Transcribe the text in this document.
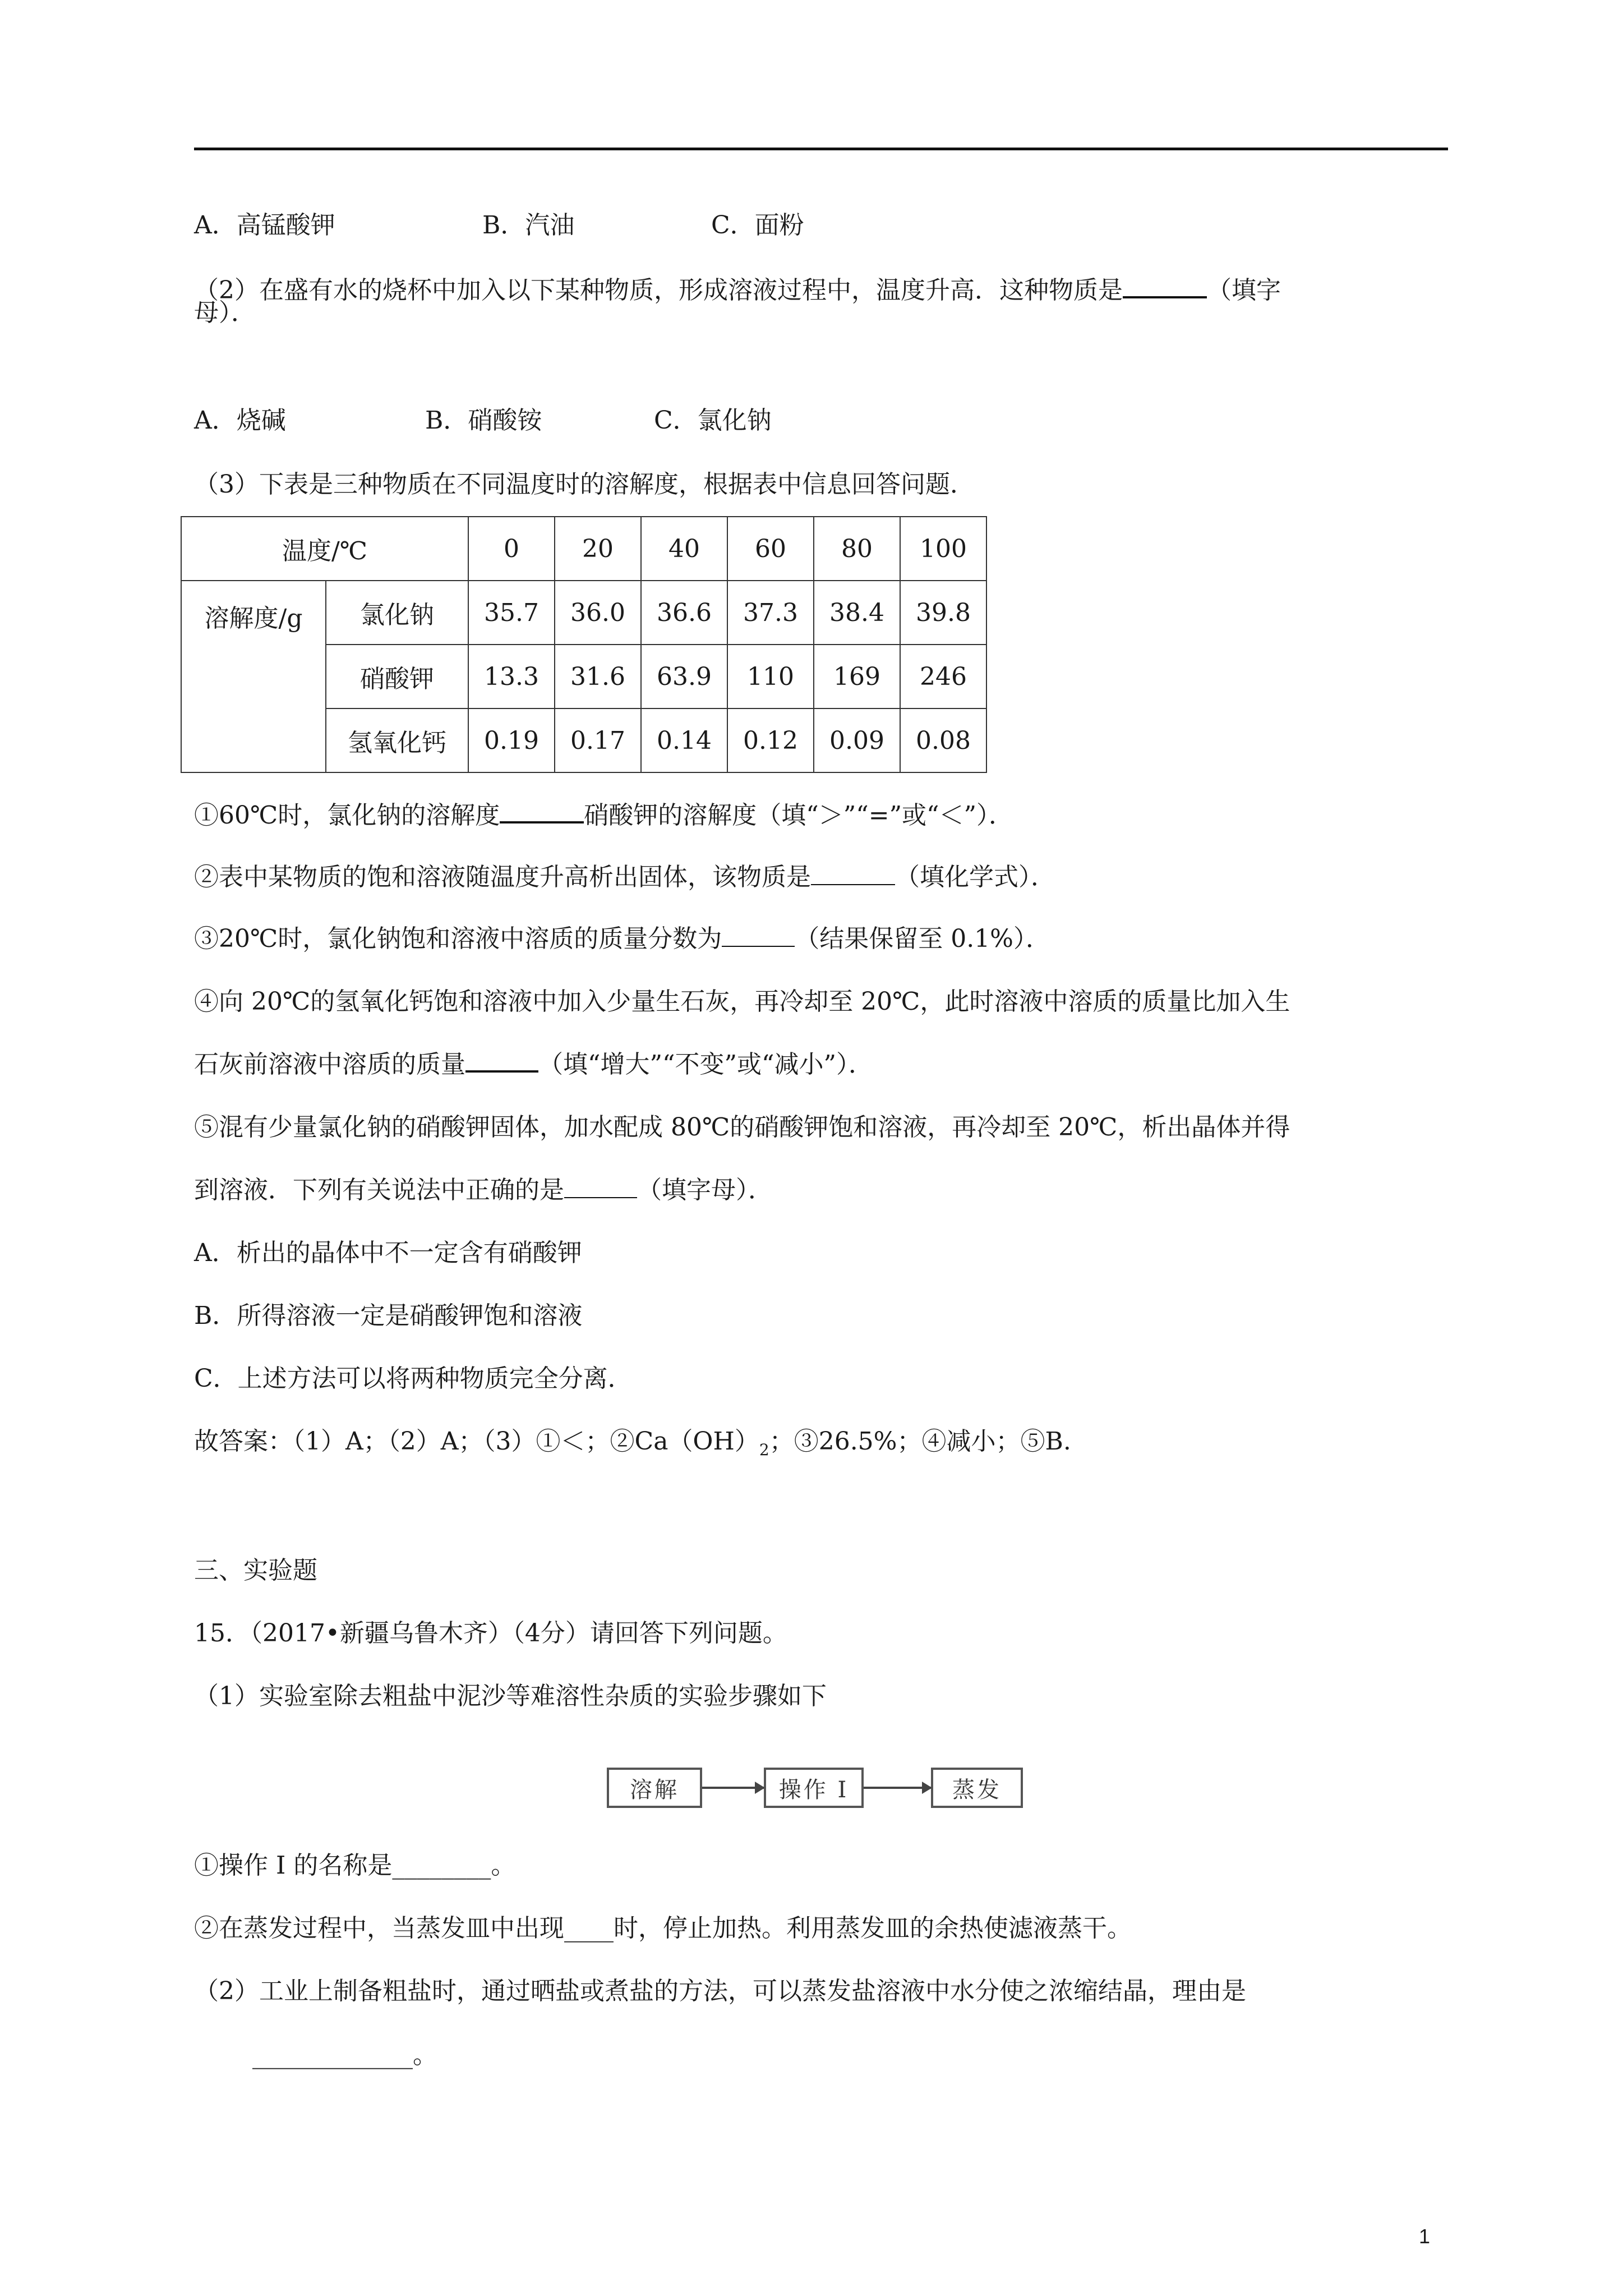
A．高锰酸钾	B．汽油	C．面粉
（2）在盛有水的烧杯中加入以下某种物质，形成溶液过程中，温度升高．这种物质是	（填字
母）．
A．烧碱	B．硝酸铵	C．氯化钠
（3）下表是三种物质在不同温度时的溶解度，根据表中信息回答问题．
温度/℃		0	20	40	60	80	100
溶解度/g	氯化钠	35.7	36.0	36.6	37.3	38.4	39.8
	硝酸钾	13.3	31.6	63.9	110	169	246
	氢氧化钙	0.19	0.17	0.14	0.12	0.09	0.08
①60℃时，氯化钠的溶解度	硝酸钾的溶解度（填“＞”“=”或“＜”）．
②表中某物质的饱和溶液随温度升高析出固体，该物质是	（填化学式）．
③20℃时，氯化钠饱和溶液中溶质的质量分数为	（结果保留至 0.1%）．
④向 20℃的氢氧化钙饱和溶液中加入少量生石灰，再冷却至 20℃，此时溶液中溶质的质量比加入生
石灰前溶液中溶质的质量	（填“增大”“不变”或“减小”）．
⑤混有少量氯化钠的硝酸钾固体，加水配成 80℃的硝酸钾饱和溶液，再冷却至 20℃，析出晶体并得
到溶液．下列有关说法中正确的是	（填字母）．
A．析出的晶体中不一定含有硝酸钾
B．所得溶液一定是硝酸钾饱和溶液
C．上述方法可以将两种物质完全分离．
故答案：（1）A；（2）A；（3）①＜；$②Ca(OH)_2$；③26.5%；④减小；⑤B.
三、实验题
15．（2017•新疆乌鲁木齐）（4分）请回答下列问题。
（1）实验室除去粗盐中泥沙等难溶性杂质的实验步骤如下
溶解	操作 I	蒸发
①操作 I 的名称是________。
②在蒸发过程中，当蒸发皿中出现____时，停止加热。利用蒸发皿的余热使滤液蒸干。
（2）工业上制备粗盐时，通过晒盐或煮盐的方法，可以蒸发盐溶液中水分使之浓缩结晶，理由是
_____________。
1
